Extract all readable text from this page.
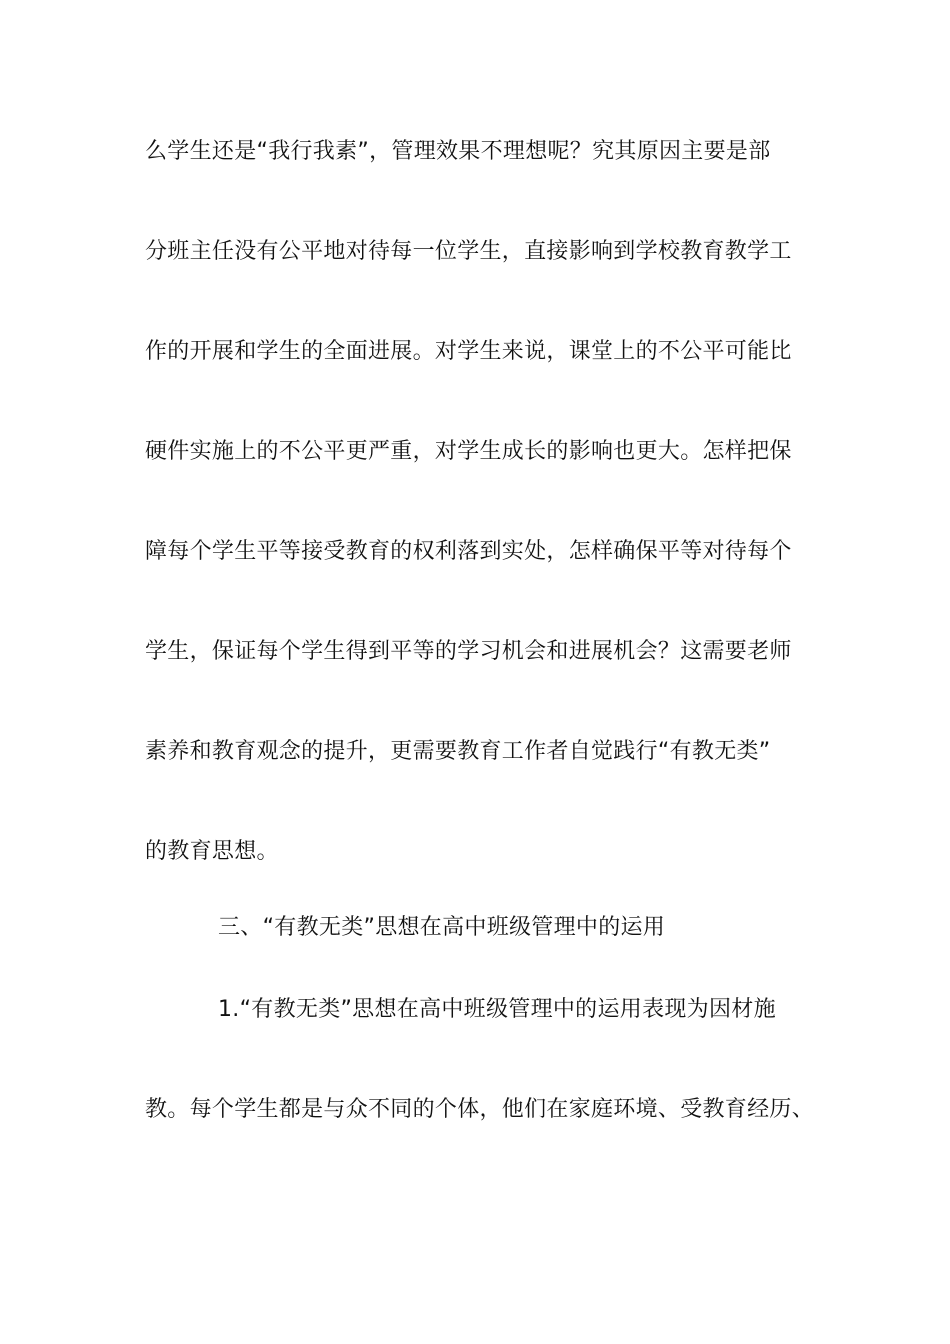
么学生还是“我行我素”，管理效果不理想呢？究其原因主要是部
分班主任没有公平地对待每一位学生，直接影响到学校教育教学工
作的开展和学生的全面进展。对学生来说，课堂上的不公平可能比
硬件实施上的不公平更严重，对学生成长的影响也更大。怎样把保
障每个学生平等接受教育的权利落到实处，怎样确保平等对待每个
学生，保证每个学生得到平等的学习机会和进展机会？这需要老师
素养和教育观念的提升，更需要教育工作者自觉践行“有教无类”
的教育思想。
三、“有教无类”思想在高中班级管理中的运用
1.“有教无类”思想在高中班级管理中的运用表现为因材施
教。每个学生都是与众不同的个体，他们在家庭环境、受教育经历、
